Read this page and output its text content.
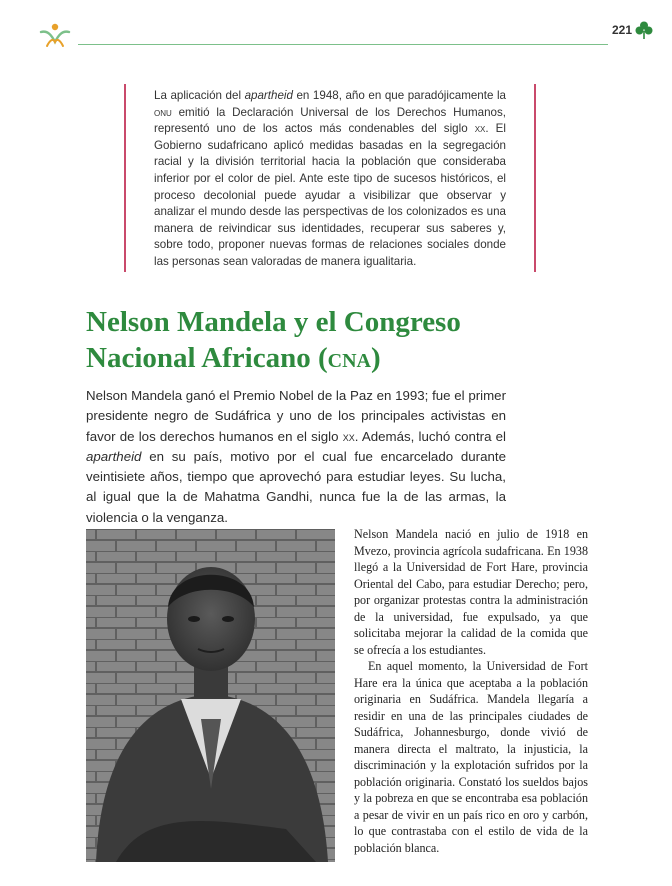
221

La aplicación del apartheid en 1948, año en que paradójicamente la onu emitió la Declaración Universal de los Derechos Humanos, representó uno de los actos más condenables del siglo xx. El Gobierno sudafricano aplicó medidas basadas en la segregación racial y la división territorial hacia la población que consideraba inferior por el color de piel. Ante este tipo de sucesos históricos, el proceso decolonial puede ayudar a visibilizar que observar y analizar el mundo desde las perspectivas de los colonizados es una manera de reivindicar sus identidades, recuperar sus saberes y, sobre todo, proponer nuevas formas de relaciones sociales donde las personas sean valoradas de manera igualitaria.

Nelson Mandela y el Congreso
Nacional Africano (cna)

Nelson Mandela ganó el Premio Nobel de la Paz en 1993; fue el primer presidente negro de Sudáfrica y uno de los principales activistas en favor de los derechos humanos en el siglo xx. Además, luchó contra el apartheid en su país, motivo por el cual fue encarcelado durante veintisiete años, tiempo que aprovechó para estudiar leyes. Su lucha, al igual que la de Mahatma Gandhi, nunca fue la de las armas, la violencia o la venganza.

Nelson Mandela nació en julio de 1918 en Mvezo, provincia agrícola sudafricana. En 1938 llegó a la Universidad de Fort Hare, provincia Oriental del Cabo, para estudiar Derecho; pero, por organizar protestas contra la administración de la universidad, fue expulsado, ya que solicitaba mejorar la calidad de la comida que se ofrecía a los estudiantes.

En aquel momento, la Universidad de Fort Hare era la única que aceptaba a la población originaria en Sudáfrica. Mandela llegaría a residir en una de las principales ciudades de Sudáfrica, Johannesburgo, donde vivió de manera directa el maltrato, la injusticia, la discriminación y la explotación sufridos por la población originaria. Constató los sueldos bajos y la pobreza en que se encontraba esa población a pesar de vivir en un país rico en oro y carbón, lo que contrastaba con el estilo de vida de la población blanca.
